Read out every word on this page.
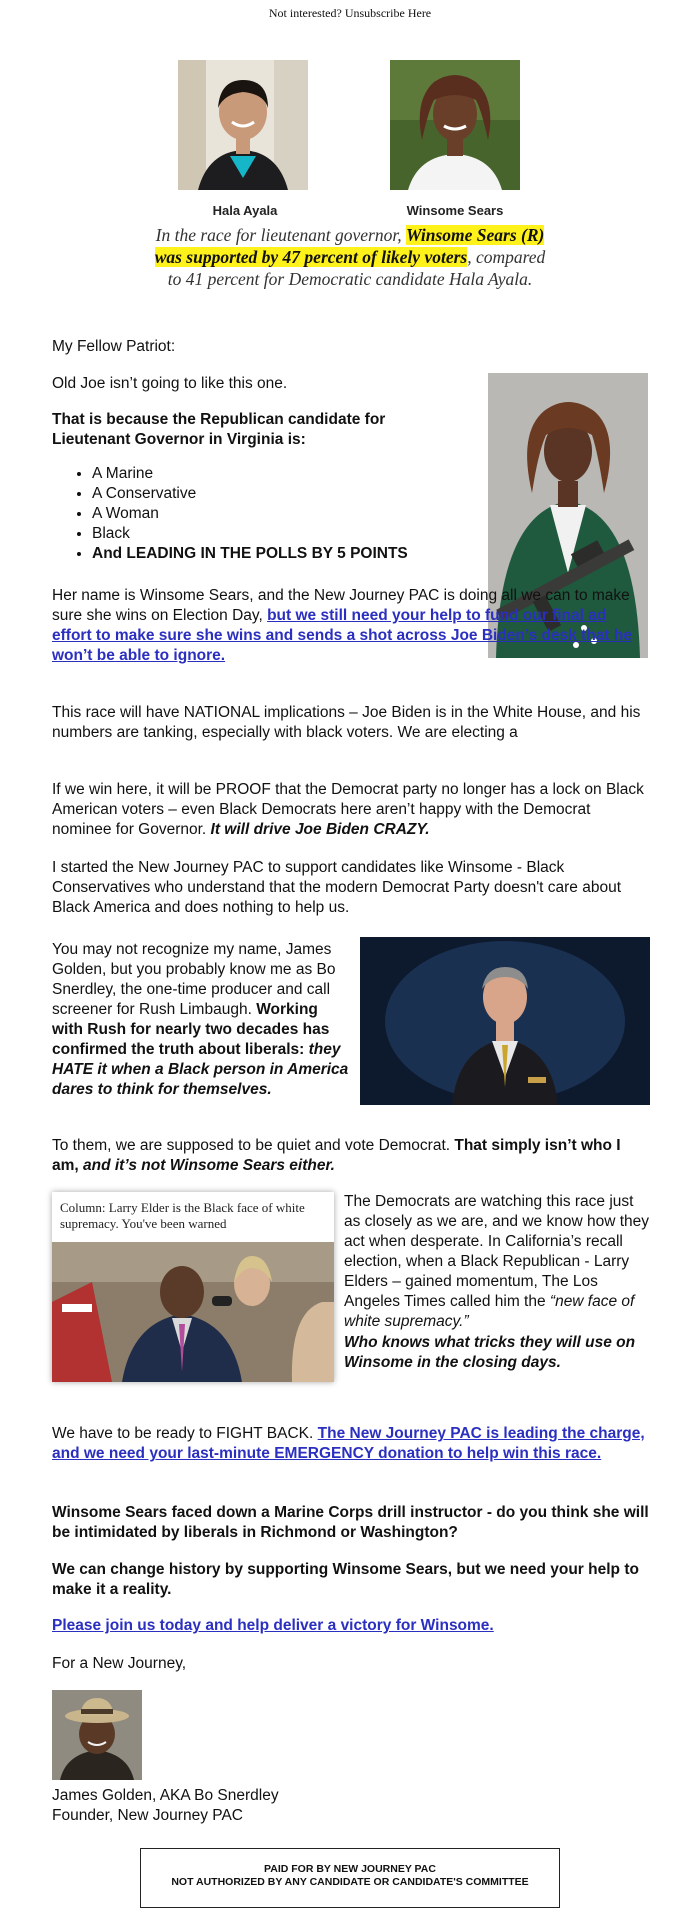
Not interested? Unsubscribe Here
Hala Ayala	Winsome Sears
In the race for lieutenant governor, Winsome Sears (R) was supported by 47 percent of likely voters, compared to 41 percent for Democratic candidate Hala Ayala.

My Fellow Patriot:

Old Joe isn’t going to like this one.

That is because the Republican candidate for Lieutenant Governor in Virginia is:

• A Marine
• A Conservative
• A Woman
• Black
• And LEADING IN THE POLLS BY 5 POINTS

Her name is Winsome Sears, and the New Journey PAC is doing all we can to make sure she wins on Election Day, but we still need your help to fund our final ad effort to make sure she wins and sends a shot across Joe Biden’s desk that he won’t be able to ignore.

This race will have NATIONAL implications – Joe Biden is in the White House, and his numbers are tanking, especially with black voters. We are electing a

If we win here, it will be PROOF that the Democrat party no longer has a lock on Black American voters – even Black Democrats here aren’t happy with the Democrat nominee for Governor. It will drive Joe Biden CRAZY.

I started the New Journey PAC to support candidates like Winsome - Black Conservatives who understand that the modern Democrat Party doesn't care about Black America and does nothing to help us.

You may not recognize my name, James Golden, but you probably know me as Bo Snerdley, the one-time producer and call screener for Rush Limbaugh. Working with Rush for nearly two decades has confirmed the truth about liberals: they HATE it when a Black person in America dares to think for themselves.

To them, we are supposed to be quiet and vote Democrat. That simply isn’t who I am, and it’s not Winsome Sears either.

Column: Larry Elder is the Black face of white
supremacy. You've been warned

The Democrats are watching this race just as closely as we are, and we know how they act when desperate. In California’s recall election, when a Black Republican - Larry Elders – gained momentum, The Los Angeles Times called him the “new face of white supremacy.”

Who knows what tricks they will use on Winsome in the closing days.

We have to be ready to FIGHT BACK. The New Journey PAC is leading the charge, and we need your last-minute EMERGENCY donation to help win this race.

Winsome Sears faced down a Marine Corps drill instructor - do you think she will be intimidated by liberals in Richmond or Washington?

We can change history by supporting Winsome Sears, but we need your help to make it a reality.

Please join us today and help deliver a victory for Winsome.

For a New Journey,

James Golden, AKA Bo Snerdley

Founder, New Journey PAC

PAID FOR BY NEW JOURNEY PAC
NOT AUTHORIZED BY ANY CANDIDATE OR CANDIDATE'S COMMITTEE
